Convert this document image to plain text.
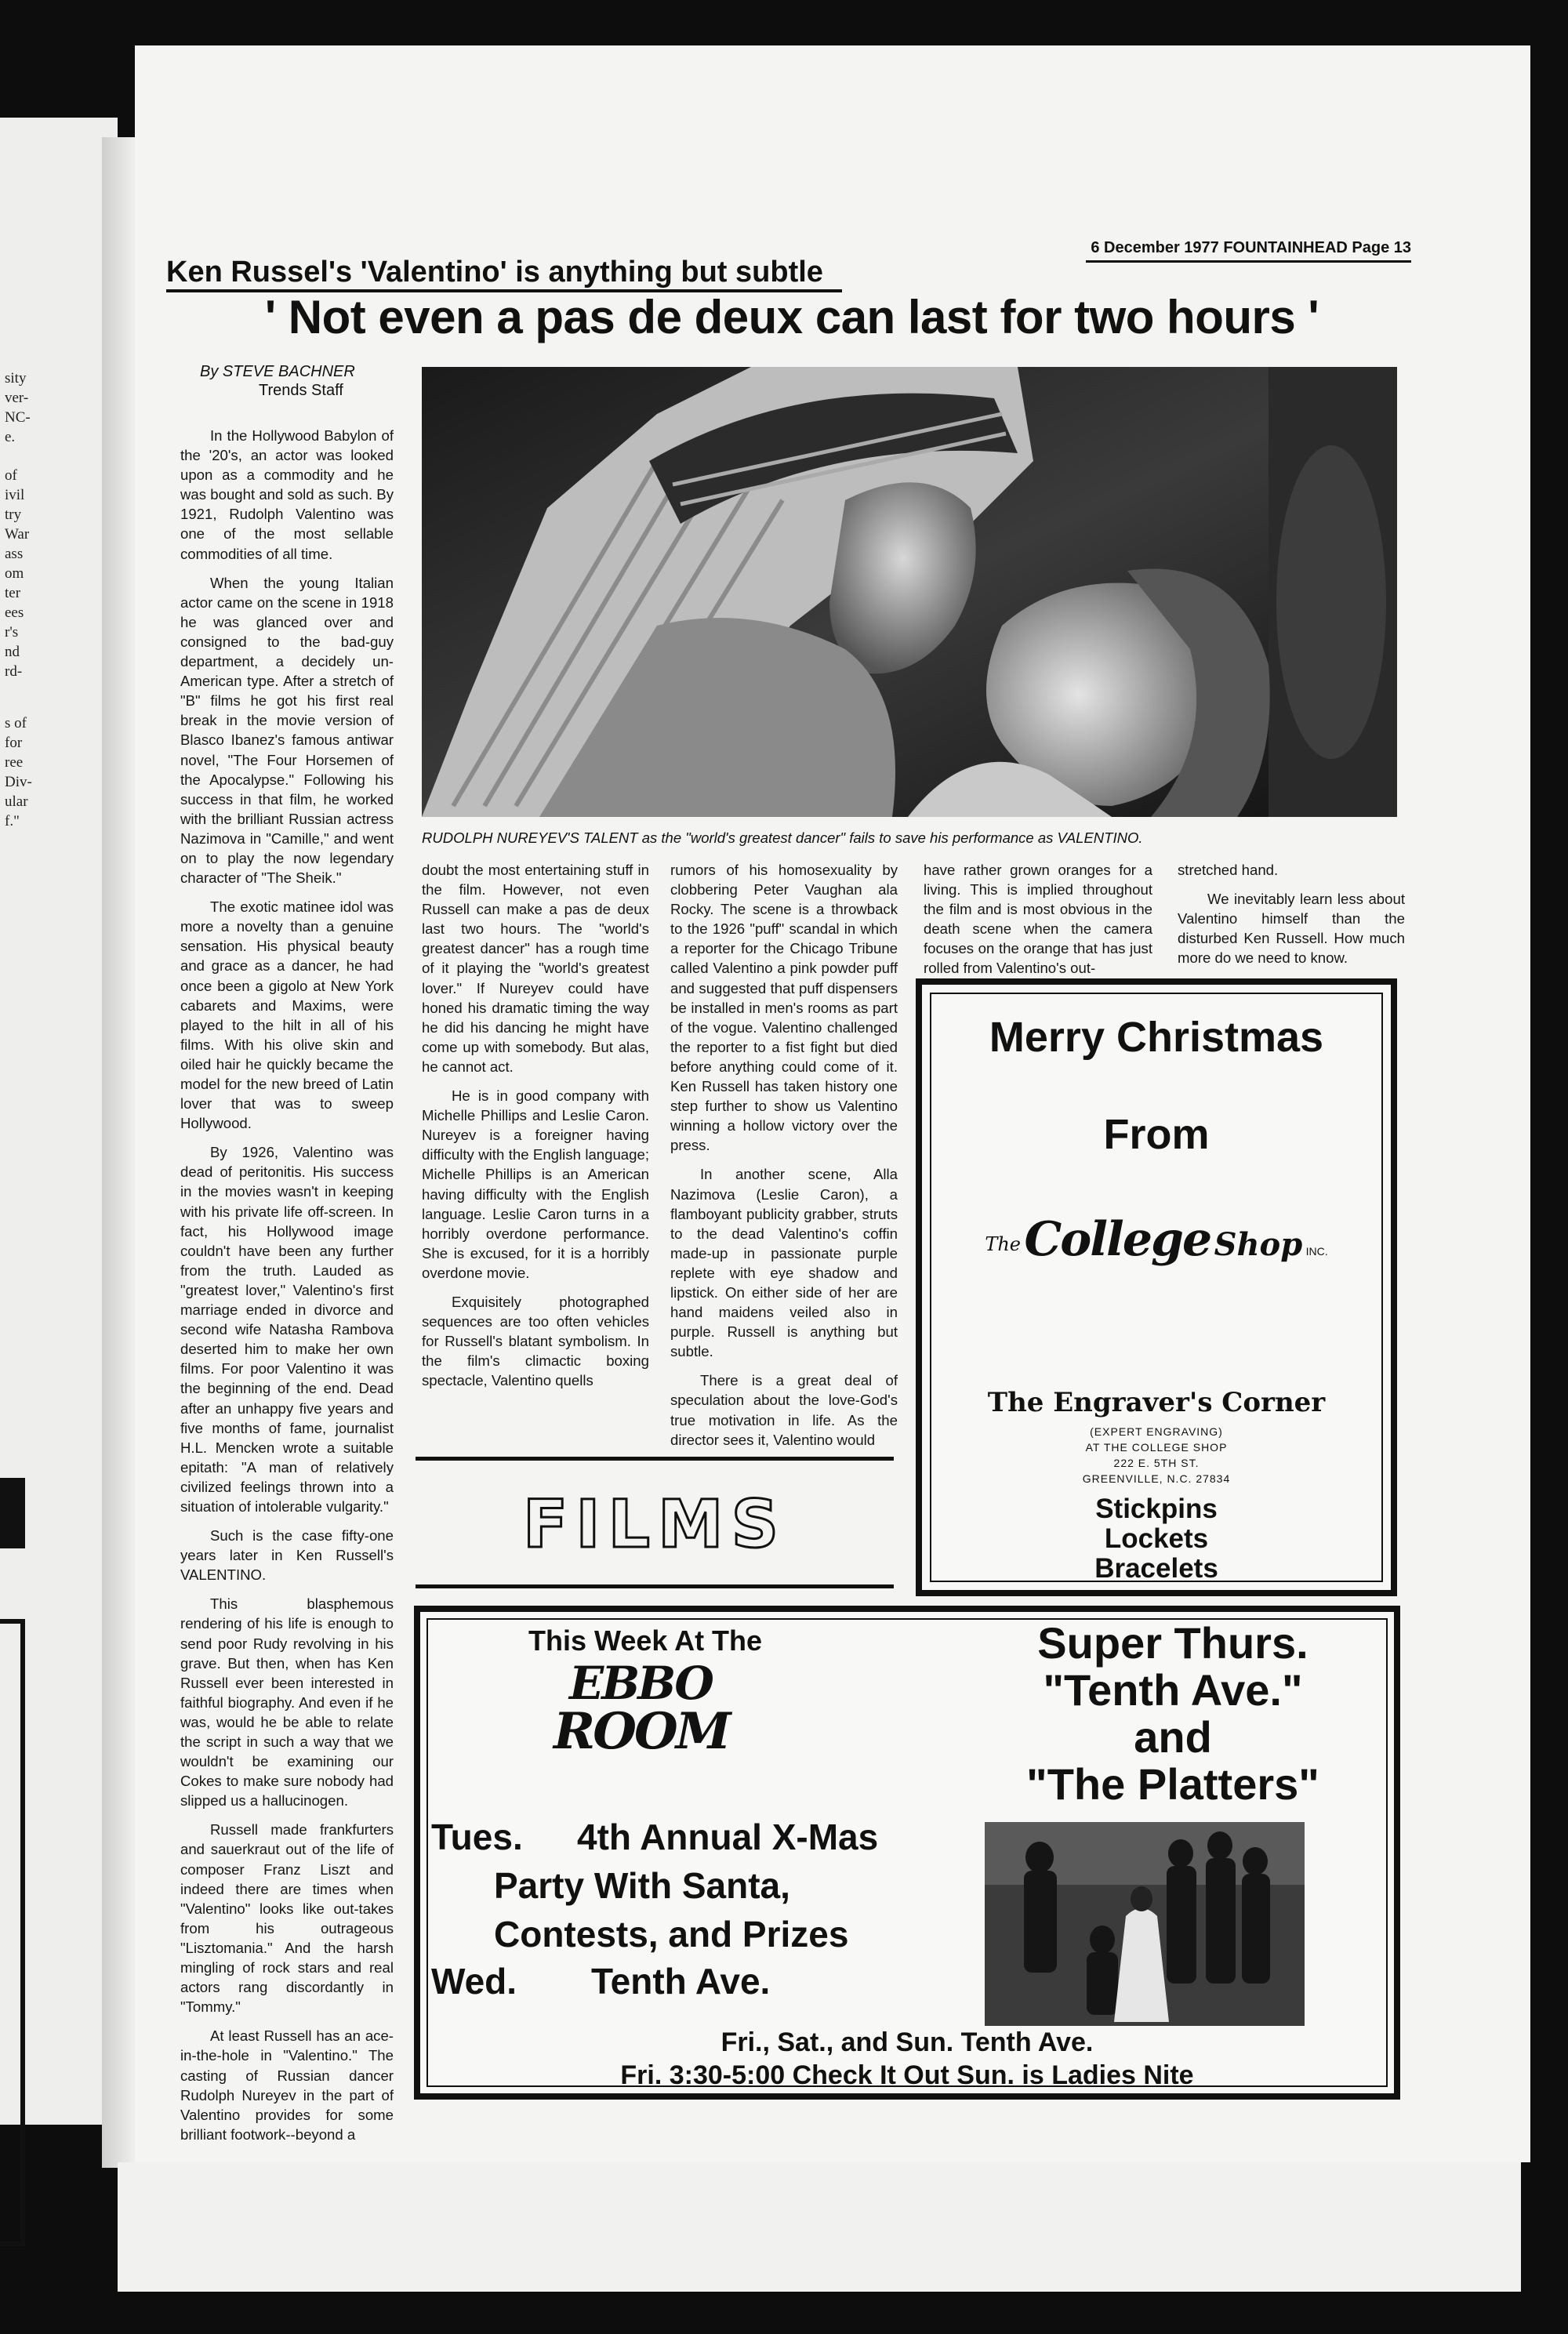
sity
ver-
NC-
e.
of
ivil
try
War
ass
om
ter
ees
r's
nd
rd-
s of
for
ree
Div-
ular
f."
6 December 1977 FOUNTAINHEAD Page 13
Ken Russel's 'Valentino' is anything but subtle
' Not even a pas de deux can last for two hours '
By STEVE BACHNER
Trends Staff
RUDOLPH NUREYEV'S TALENT as the "world's greatest dancer" fails to save his performance as VALENTINO.

In the Hollywood Babylon of the '20's, an actor was looked upon as a commodity and he was bought and sold as such. By 1921, Rudolph Valentino was one of the most sellable commodities of all time.

When the young Italian actor came on the scene in 1918 he was glanced over and consigned to the bad-guy department, a decidely un-American type. After a stretch of "B" films he got his first real break in the movie version of Blasco Ibanez's famous antiwar novel, "The Four Horsemen of the Apocalypse." Following his success in that film, he worked with the brilliant Russian actress Nazimova in "Camille," and went on to play the now legendary character of "The Sheik."

The exotic matinee idol was more a novelty than a genuine sensation. His physical beauty and grace as a dancer, he had once been a gigolo at New York cabarets and Maxims, were played to the hilt in all of his films. With his olive skin and oiled hair he quickly became the model for the new breed of Latin lover that was to sweep Hollywood.

By 1926, Valentino was dead of peritonitis. His success in the movies wasn't in keeping with his private life off-screen. In fact, his Hollywood image couldn't have been any further from the truth. Lauded as "greatest lover," Valentino's first marriage ended in divorce and second wife Natasha Rambova deserted him to make her own films. For poor Valentino it was the beginning of the end. Dead after an unhappy five years and five months of fame, journalist H.L. Mencken wrote a suitable epitath: "A man of relatively civilized feelings thrown into a situation of intolerable vulgarity."

Such is the case fifty-one years later in Ken Russell's VALENTINO.

This blasphemous rendering of his life is enough to send poor Rudy revolving in his grave. But then, when has Ken Russell ever been interested in faithful biography. And even if he was, would he be able to relate the script in such a way that we wouldn't be examining our Cokes to make sure nobody had slipped us a hallucinogen.

Russell made frankfurters and sauerkraut out of the life of composer Franz Liszt and indeed there are times when "Valentino" looks like out-takes from his outrageous "Lisztomania." And the harsh mingling of rock stars and real actors rang discordantly in "Tommy."

At least Russell has an ace-in-the-hole in "Valentino." The casting of Russian dancer Rudolph Nureyev in the part of Valentino provides for some brilliant footwork--beyond a

doubt the most entertaining stuff in the film. However, not even Russell can make a pas de deux last two hours. The "world's greatest dancer" has a rough time of it playing the "world's greatest lover." If Nureyev could have honed his dramatic timing the way he did his dancing he might have come up with somebody. But alas, he cannot act.

He is in good company with Michelle Phillips and Leslie Caron. Nureyev is a foreigner having difficulty with the English language; Michelle Phillips is an American having difficulty with the English language. Leslie Caron turns in a horribly overdone performance. She is excused, for it is a horribly overdone movie.

Exquisitely photographed sequences are too often vehicles for Russell's blatant symbolism. In the film's climactic boxing spectacle, Valentino quells

rumors of his homosexuality by clobbering Peter Vaughan ala Rocky. The scene is a throwback to the 1926 "puff" scandal in which a reporter for the Chicago Tribune called Valentino a pink powder puff and suggested that puff dispensers be installed in men's rooms as part of the vogue. Valentino challenged the reporter to a fist fight but died before anything could come of it. Ken Russell has taken history one step further to show us Valentino winning a hollow victory over the press.

In another scene, Alla Nazimova (Leslie Caron), a flamboyant publicity grabber, struts to the dead Valentino's coffin made-up in passionate purple replete with eye shadow and lipstick. On either side of her are hand maidens veiled also in purple. Russell is anything but subtle.

There is a great deal of speculation about the love-God's true motivation in life. As the director sees it, Valentino would

have rather grown oranges for a living. This is implied throughout the film and is most obvious in the death scene when the camera focuses on the orange that has just rolled from Valentino's out-

stretched hand.

We inevitably learn less about Valentino himself than the disturbed Ken Russell. How much more do we need to know.

FILMS
Merry Christmas
From
The College Shop INC.
The Engraver's Corner
(EXPERT ENGRAVING)
AT THE COLLEGE SHOP
222 E. 5TH ST.
GREENVILLE, N.C. 27834
Stickpins
Lockets
Bracelets
This Week At The
EBBO
ROOM
Super Thurs.
"Tenth Ave."
and
"The Platters"
Tues. 4th Annual X-Mas
Party With Santa,
Contests, and Prizes
Wed. Tenth Ave.
Fri., Sat., and Sun. Tenth Ave.
Fri. 3:30-5:00 Check It Out Sun. is Ladies Nite
